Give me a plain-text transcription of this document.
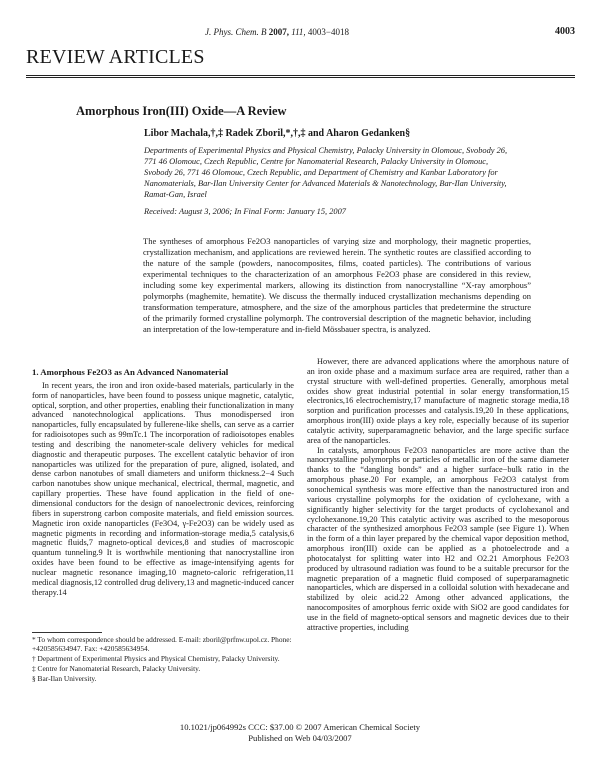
J. Phys. Chem. B 2007, 111, 4003−4018	4003
REVIEW ARTICLES
Amorphous Iron(III) Oxide—A Review
Libor Machala,†,‡ Radek Zboril,*,†,‡ and Aharon Gedanken§
Departments of Experimental Physics and Physical Chemistry, Palacky University in Olomouc, Svobody 26, 771 46 Olomouc, Czech Republic, Centre for Nanomaterial Research, Palacky University in Olomouc, Svobody 26, 771 46 Olomouc, Czech Republic, and Department of Chemistry and Kanbar Laboratory for Nanomaterials, Bar-Ilan University Center for Advanced Materials & Nanotechnology, Bar-Ilan University, Ramat-Gan, Israel
Received: August 3, 2006; In Final Form: January 15, 2007
The syntheses of amorphous Fe2O3 nanoparticles of varying size and morphology, their magnetic properties, crystallization mechanism, and applications are reviewed herein. The synthetic routes are classified according to the nature of the sample (powders, nanocomposites, films, coated particles). The contributions of various experimental techniques to the characterization of an amorphous Fe2O3 phase are considered in this review, including some key experimental markers, allowing its distinction from nanocrystalline “X-ray amorphous” polymorphs (maghemite, hematite). We discuss the thermally induced crystallization mechanisms depending on transformation temperature, atmosphere, and the size of the amorphous particles that predetermine the structure of the primarily formed crystalline polymorph. The controversial description of the magnetic behavior, including an interpretation of the low-temperature and in-field Mössbauer spectra, is analyzed.

1. Amorphous Fe2O3 as An Advanced Nanomaterial

In recent years, the iron and iron oxide-based materials, particularly in the form of nanoparticles, have been found to possess unique magnetic, catalytic, optical, sorption, and other properties, enabling their functionalization in many advanced nanotechnological applications. Thus monodispersed iron nanoparticles, fully encapsulated by fullerene-like shells, can serve as a carrier for radioisotopes such as 99mTc.1 The incorporation of radioisotopes enables testing and describing the nanometer-scale delivery vehicles for medical diagnostic and therapeutic purposes. The excellent catalytic behavior of iron nanoparticles was utilized for the preparation of pure, aligned, isolated, and dense carbon nanotubes of small diameters and uniform thickness.2−4 Such carbon nanotubes show unique mechanical, electrical, thermal, magnetic, and capillary properties. These have found application in the field of one-dimensional conductors for the design of nanoelectronic devices, reinforcing fibers in superstrong carbon composite materials, and field emission sources. Magnetic iron oxide nanoparticles (Fe3O4, γ-Fe2O3) can be widely used as magnetic pigments in recording and information-storage media,5 catalysis,6 magnetic fluids,7 magneto-optical devices,8 and studies of macroscopic quantum tunneling.9 It is worthwhile mentioning that nanocrystalline iron oxides have been found to be effective as image-intensifying agents for nuclear magnetic resonance imaging,10 magneto-caloric refrigeration,11 medical diagnosis,12 controlled drug delivery,13 and magnetic-induced cancer therapy.14

However, there are advanced applications where the amorphous nature of an iron oxide phase and a maximum surface area are required, rather than a crystal structure with well-defined properties. Generally, amorphous metal oxides show great industrial potential in solar energy transformation,15 electronics,16 electrochemistry,17 manufacture of magnetic storage media,18 sorption and purification processes and catalysis.19,20 In these applications, amorphous iron(III) oxide plays a key role, especially because of its superior catalytic activity, superparamagnetic behavior, and the large specific surface area of the nanoparticles.

In catalysts, amorphous Fe2O3 nanoparticles are more active than the nanocrystalline polymorphs or particles of metallic iron of the same diameter thanks to the “dangling bonds” and a higher surface−bulk ratio in the amorphous phase.20 For example, an amorphous Fe2O3 catalyst from sonochemical synthesis was more effective than the nanostructured iron and various crystalline polymorphs for the oxidation of cyclohexane, with a significantly higher selectivity for the target products of cyclohexanol and cyclohexanone.19,20 This catalytic activity was ascribed to the mesoporous character of the synthesized amorphous Fe2O3 sample (see Figure 1). When in the form of a thin layer prepared by the chemical vapor deposition method, amorphous iron(III) oxide can be applied as a photoelectrode and a photocatalyst for splitting water into H2 and O2.21 Amorphous Fe2O3 produced by ultrasound radiation was found to be a suitable precursor for the magnetic preparation of a magnetic fluid composed of superparamagnetic nanoparticles, which are dispersed in a colloidal solution with hexadecane and stabilized by oleic acid.22 Among other advanced applications, the nanocomposites of amorphous ferric oxide with SiO2 are good candidates for use in the field of magneto-optical sensors and magnetic devices due to their attractive properties, including

* To whom correspondence should be addressed. E-mail: zboril@prfnw.upol.cz. Phone: +420585634947. Fax: +420585634954.

† Department of Experimental Physics and Physical Chemistry, Palacky University.

‡ Centre for Nanomaterial Research, Palacky University.

§ Bar-Ilan University.

10.1021/jp064992s CCC: $37.00 © 2007 American Chemical Society
Published on Web 04/03/2007
